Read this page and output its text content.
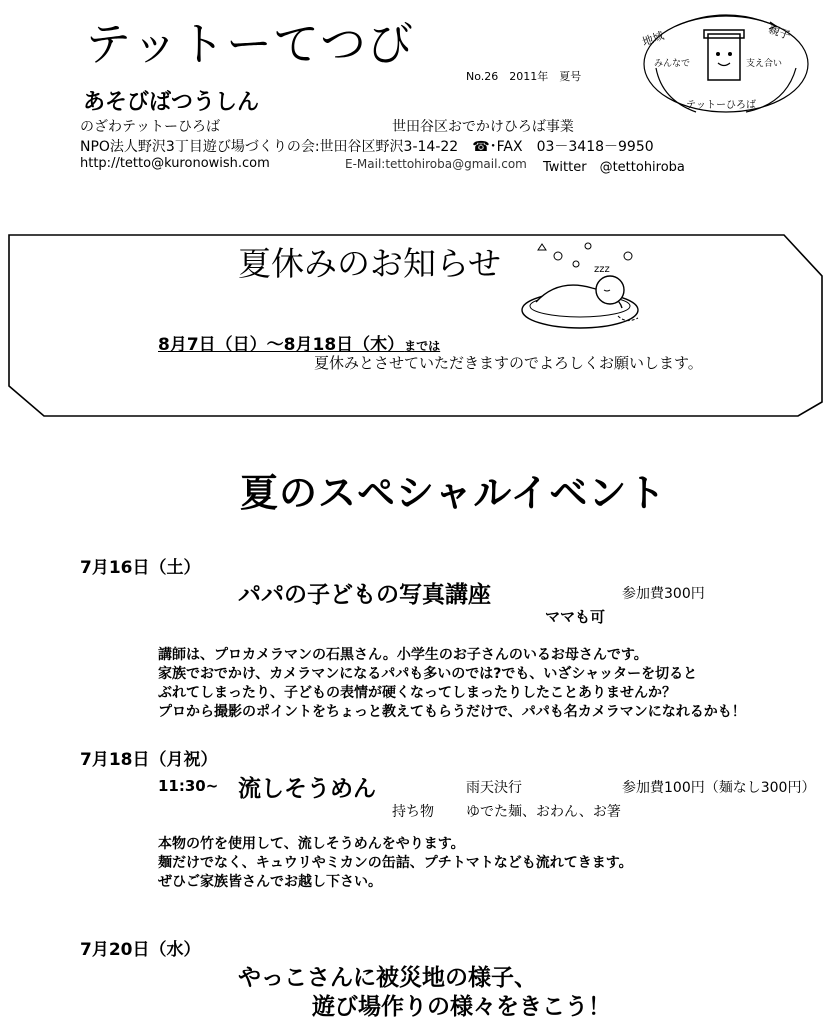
テットーてつび
No.26　2011年　夏号
あそびばつうしん
のざわテットーひろば	世田谷区おでかけひろば事業
NPO法人野沢3丁目遊び場づくりの会:世田谷区野沢3-14-22　☎･FAX　03－3418－9950
http://tetto@kuronowish.com	E-Mail:tettohiroba@gmail.com Twitter　@tettohiroba
地域	親子
みんなで	支え合い
テットーひろば
夏休みのお知らせ	zzz
8月7日（日）～8月18日（木）までは
夏休みとさせていただきますのでよろしくお願いします。
夏のスペシャルイベント
7月16日（土）
パパの子どもの写真講座	参加費300円
ママも可
講師は、プロカメラマンの石黒さん。小学生のお子さんのいるお母さんです。
家族でおでかけ、カメラマンになるパパも多いのでは?でも、いざシャッターを切ると
ぶれてしまったり、子どもの表情が硬くなってしまったりしたことありませんか？
プロから撮影のポイントをちょっと教えてもらうだけで、パパも名カメラマンになれるかも！
7月18日（月祝）
11:30~ 流しそうめん	雨天決行	参加費100円（麺なし300円）
持ち物 ゆでた麺、おわん、お箸
本物の竹を使用して、流しそうめんをやります。
麺だけでなく、キュウリやミカンの缶詰、プチトマトなども流れてきます。
ぜひご家族皆さんでお越し下さい。
7月20日（水）
やっこさんに被災地の様子、
遊び場作りの様々をきこう！
